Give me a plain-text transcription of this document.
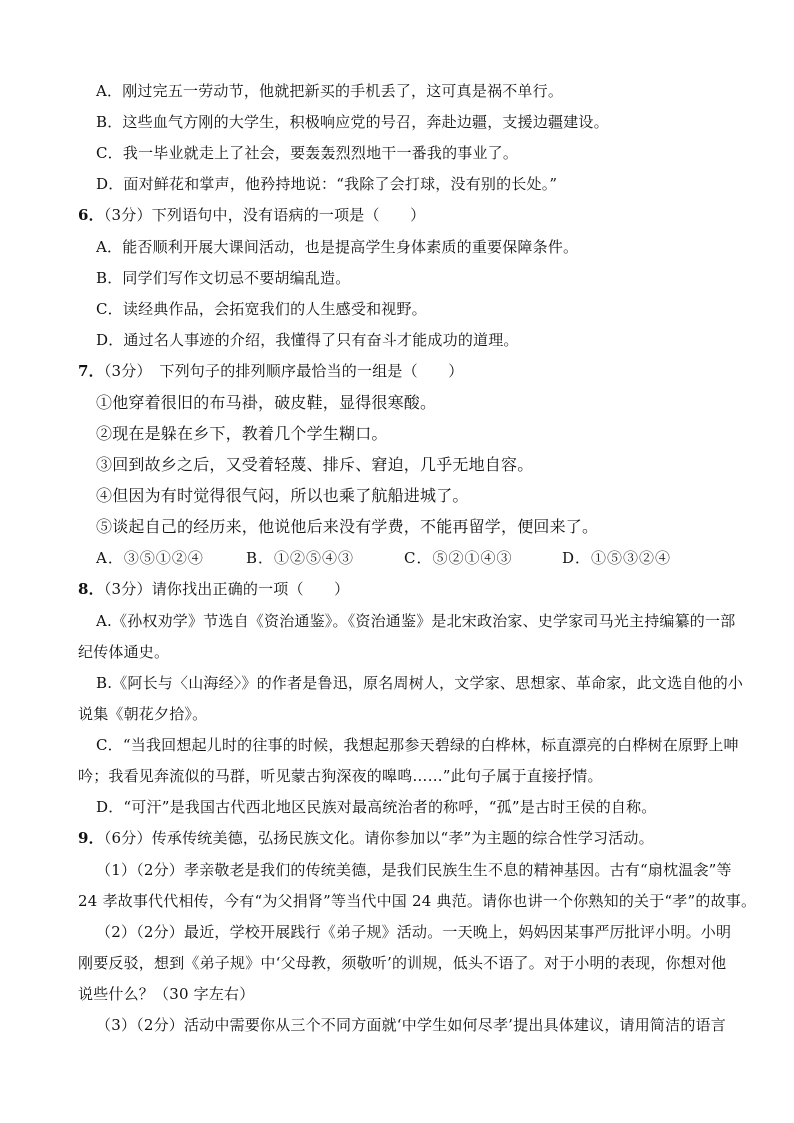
A．刚过完五一劳动节，他就把新买的手机丢了，这可真是祸不单行。
B．这些血气方刚的大学生，积极响应党的号召，奔赴边疆，支援边疆建设。
C．我一毕业就走上了社会，要轰轰烈烈地干一番我的事业了。
D．面对鲜花和掌声，他矜持地说：“我除了会打球，没有别的长处。”
6．（3分）下列语句中，没有语病的一项是（　　）
A．能否顺利开展大课间活动，也是提高学生身体素质的重要保障条件。
B．同学们写作文切忌不要胡编乱造。
C．读经典作品，会拓宽我们的人生感受和视野。
D．通过名人事迹的介绍，我懂得了只有奋斗才能成功的道理。
7．（3分）　下列句子的排列顺序最恰当的一组是（　　）
①他穿着很旧的布马褂，破皮鞋，显得很寒酸。
②现在是躲在乡下，教着几个学生糊口。
③回到故乡之后，又受着轻蔑、排斥、窘迫，几乎无地自容。
④但因为有时觉得很气闷，所以也乘了航船进城了。
⑤谈起自己的经历来，他说他后来没有学费，不能再留学，便回来了。
A．③⑤①②④	B．①②⑤④③	C．⑤②①④③	D．①⑤③②④
8．（3分）请你找出正确的一项（　　）
A.《孙权劝学》节选自《资治通鉴》。《资治通鉴》是北宋政治家、史学家司马光主持编纂的一部
纪传体通史。
B.《阿长与〈山海经〉》的作者是鲁迅，原名周树人，文学家、思想家、革命家，此文选自他的小
说集《朝花夕拾》。
C．“当我回想起儿时的往事的时候，我想起那参天碧绿的白桦林，标直漂亮的白桦树在原野上呻
吟；我看见奔流似的马群，听见蒙古狗深夜的嗥鸣……”此句子属于直接抒情。
D．“可汗”是我国古代西北地区民族对最高统治者的称呼，“孤”是古时王侯的自称。
9．（6分）传承传统美德，弘扬民族文化。请你参加以“孝”为主题的综合性学习活动。
（1）（2分）孝亲敬老是我们的传统美德，是我们民族生生不息的精神基因。古有“扇枕温衾”等
24 孝故事代代相传，今有“为父捐肾”等当代中国 24 典范。请你也讲一个你熟知的关于“孝”的故事。
（2）（2分）最近，学校开展践行《弟子规》活动。一天晚上，妈妈因某事严厉批评小明。小明
刚要反驳，想到《弟子规》中‘父母教，须敬听’的训规，低头不语了。对于小明的表现，你想对他
说些什么？（30 字左右）
（3）（2分）活动中需要你从三个不同方面就‘中学生如何尽孝’提出具体建议，请用简洁的语言
